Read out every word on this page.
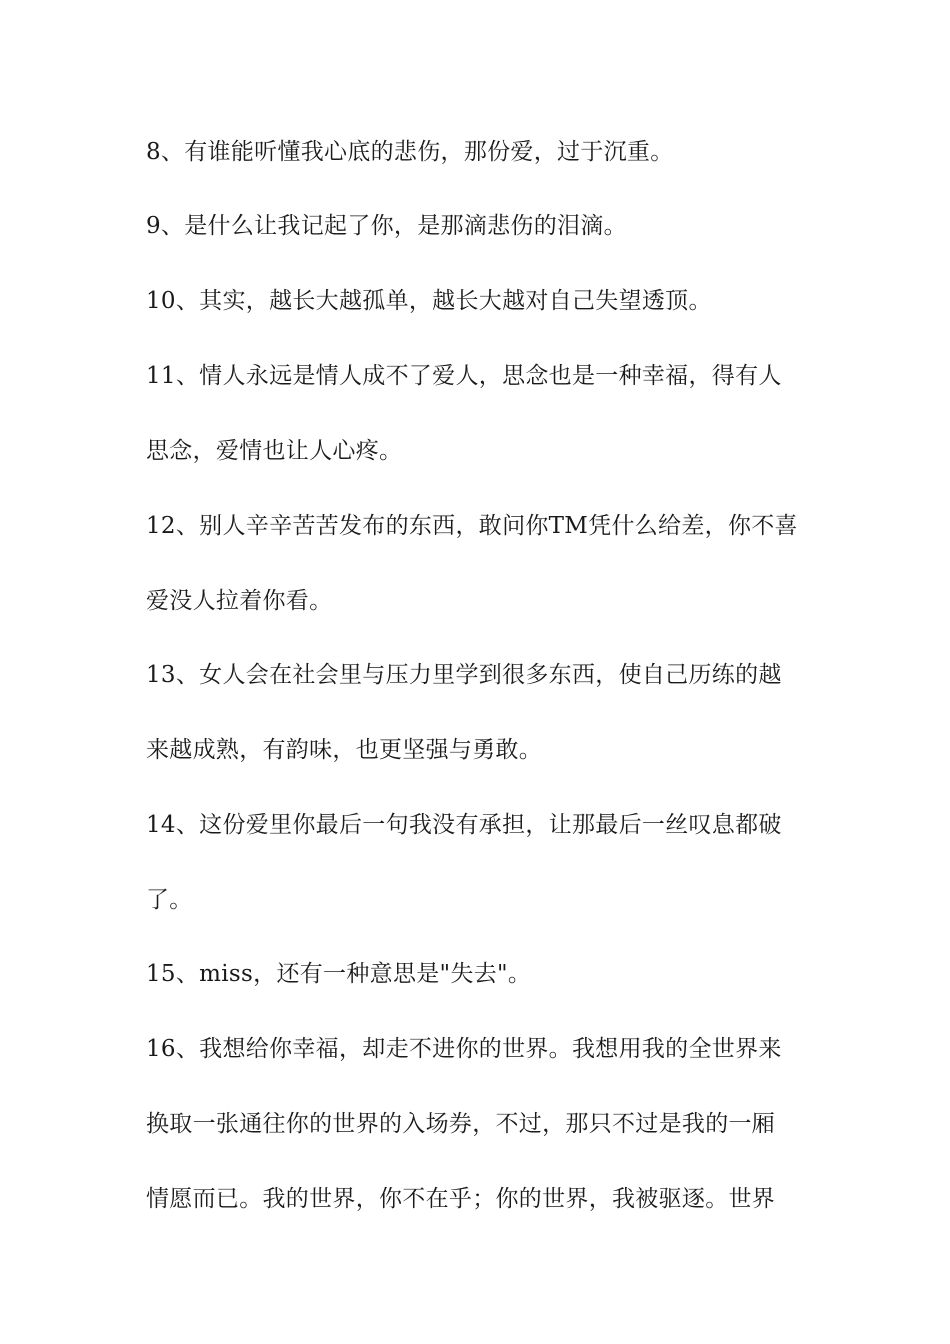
8、有谁能听懂我心底的悲伤，那份爱，过于沉重。
9、是什么让我记起了你，是那滴悲伤的泪滴。
10、其实，越长大越孤单，越长大越对自己失望透顶。
11、情人永远是情人成不了爱人，思念也是一种幸福，得有人
思念，爱情也让人心疼。
12、别人辛辛苦苦发布的东西，敢问你TM凭什么给差，你不喜
爱没人拉着你看。
13、女人会在社会里与压力里学到很多东西，使自己历练的越
来越成熟，有韵味，也更坚强与勇敢。
14、这份爱里你最后一句我没有承担，让那最后一丝叹息都破
了。
15、miss，还有一种意思是"失去"。
16、我想给你幸福，却走不进你的世界。我想用我的全世界来
换取一张通往你的世界的入场券，不过，那只不过是我的一厢
情愿而已。我的世界，你不在乎；你的世界，我被驱逐。世界
